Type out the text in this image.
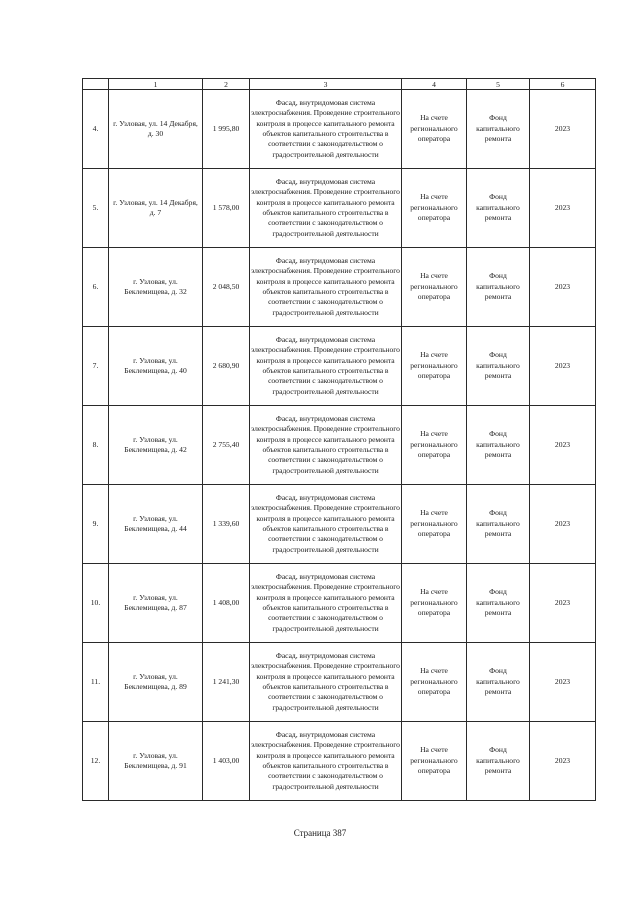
	1	2	3	4	5	6
4.	г. Узловая, ул. 14 Декабря, д. 30	1 995,80	Фасад, внутридомовая система электроснабжения. Проведение строительного контроля в процессе капитального ремонта объектов капитального строительства в соответствии с законодательством о градостроительной деятельности	На счете регионального оператора	Фонд капитального ремонта	2023
5.	г. Узловая, ул. 14 Декабря, д. 7	1 578,00	Фасад, внутридомовая система электроснабжения. Проведение строительного контроля в процессе капитального ремонта объектов капитального строительства в соответствии с законодательством о градостроительной деятельности	На счете регионального оператора	Фонд капитального ремонта	2023
6.	г. Узловая, ул. Беклемищева, д. 32	2 048,50	Фасад, внутридомовая система электроснабжения. Проведение строительного контроля в процессе капитального ремонта объектов капитального строительства в соответствии с законодательством о градостроительной деятельности	На счете регионального оператора	Фонд капитального ремонта	2023
7.	г. Узловая, ул. Беклемищева, д. 40	2 680,90	Фасад, внутридомовая система электроснабжения. Проведение строительного контроля в процессе капитального ремонта объектов капитального строительства в соответствии с законодательством о градостроительной деятельности	На счете регионального оператора	Фонд капитального ремонта	2023
8.	г. Узловая, ул. Беклемищева, д. 42	2 755,40	Фасад, внутридомовая система электроснабжения. Проведение строительного контроля в процессе капитального ремонта объектов капитального строительства в соответствии с законодательством о градостроительной деятельности	На счете регионального оператора	Фонд капитального ремонта	2023
9.	г. Узловая, ул. Беклемищева, д. 44	1 339,60	Фасад, внутридомовая система электроснабжения. Проведение строительного контроля в процессе капитального ремонта объектов капитального строительства в соответствии с законодательством о градостроительной деятельности	На счете регионального оператора	Фонд капитального ремонта	2023
10.	г. Узловая, ул. Беклемищева, д. 87	1 408,00	Фасад, внутридомовая система электроснабжения. Проведение строительного контроля в процессе капитального ремонта объектов капитального строительства в соответствии с законодательством о градостроительной деятельности	На счете регионального оператора	Фонд капитального ремонта	2023
11.	г. Узловая, ул. Беклемищева, д. 89	1 241,30	Фасад, внутридомовая система электроснабжения. Проведение строительного контроля в процессе капитального ремонта объектов капитального строительства в соответствии с законодательством о градостроительной деятельности	На счете регионального оператора	Фонд капитального ремонта	2023
12.	г. Узловая, ул. Беклемищева, д. 91	1 403,00	Фасад, внутридомовая система электроснабжения. Проведение строительного контроля в процессе капитального ремонта объектов капитального строительства в соответствии с законодательством о градостроительной деятельности	На счете регионального оператора	Фонд капитального ремонта	2023
Страница 387
